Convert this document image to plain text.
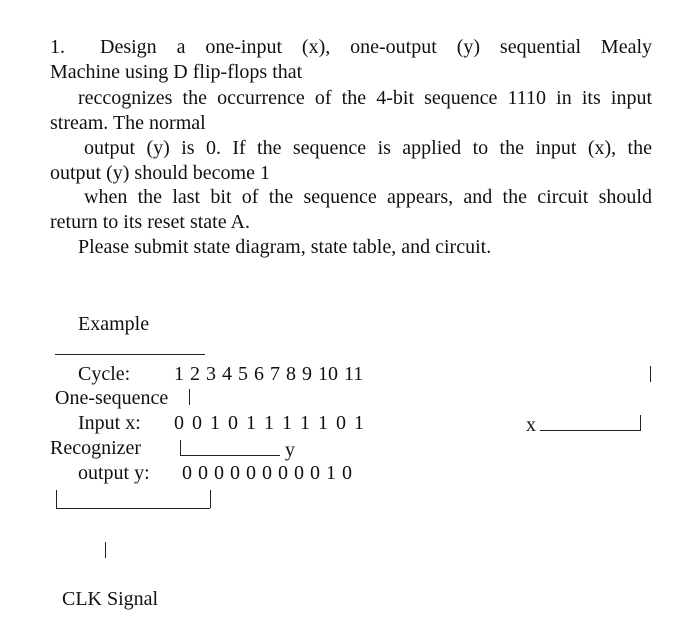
1. Design a one-input (x), one-output (y) sequential Mealy
Machine using D flip-flops that
reccognizes the occurrence of the 4-bit sequence 1110 in its input
stream. The normal
output (y) is 0. If the sequence is applied to the input (x), the
output (y) should become 1
when the last bit of the sequence appears, and the circuit should
return to its reset state A.
Please submit state diagram, state table, and circuit.
Example
Cycle: 1 2 3 4 5 6 7 8 9 10 11
One-sequence
Input x: 0 0 1 0 1 1 1 1 1 0 1	x
Recognizer	y
output y: 0 0 0 0 0 0 0 0 0 1 0
CLK Signal
